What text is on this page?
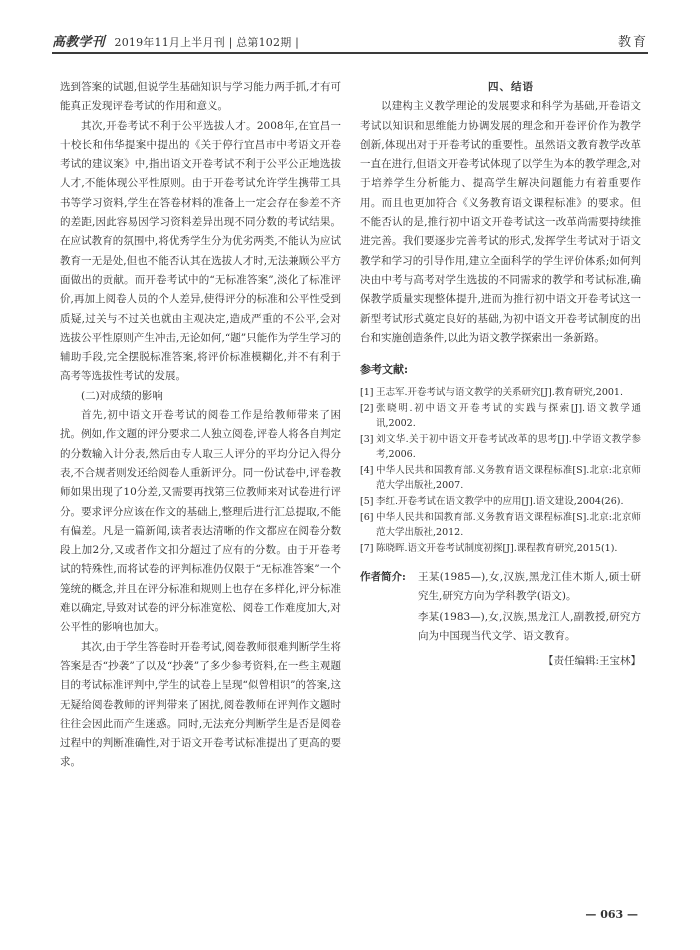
高教学刊 2019年11月上半月刊 | 总第102期 |	教育

选到答案的试题,但说学生基础知识与学习能力两手抓,才有可能真正发现评卷考试的作用和意义。

其次,开卷考试不利于公平选拔人才。2008年,在宜昌一十校长和伟华提案中提出的《关于停行宜昌市中考语文开卷考试的建议案》中,指出语文开卷考试不利于公平公正地选拔人才,不能体现公平性原则。由于开卷考试允许学生携带工具书等学习资料,学生在答卷材料的准备上一定会存在参差不齐的差距,因此容易因学习资料差异出现不同分数的考试结果。在应试教育的氛围中,将优秀学生分为优劣两类,不能认为应试教育一无是处,但也不能否认其在选拔人才时,无法兼顾公平方面做出的贡献。而开卷考试中的“无标准答案”,淡化了标准评价,再加上阅卷人员的个人差异,使得评分的标准和公平性受到质疑,过关与不过关也就由主观决定,造成严重的不公平,会对选拔公平性原则产生冲击,无论如何,“题”只能作为学生学习的辅助手段,完全摆脱标准答案,将评价标准模糊化,并不有利于高考等选拔性考试的发展。

(二)对成绩的影响

首先,初中语文开卷考试的阅卷工作是给教师带来了困扰。例如,作文题的评分要求二人独立阅卷,评卷人将各自判定的分数输入计分表,然后由专人取三人评分的平均分记入得分表,不合规者则发还给阅卷人重新评分。同一份试卷中,评卷教师如果出现了10分差,又需要再找第三位教师来对试卷进行评分。要求评分应该在作文的基础上,整理后进行汇总提取,不能有偏差。凡是一篇新闻,读者表达清晰的作文都应在阅卷分数段上加2分,又或者作文扣分超过了应有的分数。由于开卷考试的特殊性,而将试卷的评判标准仍仅限于“无标准答案”一个笼统的概念,并且在评分标准和规则上也存在多样化,评分标准难以确定,导致对试卷的评分标准宽松、阅卷工作难度加大,对公平性的影响也加大。

其次,由于学生答卷时开卷考试,阅卷教师很难判断学生将答案是否“抄袭”了以及“抄袭”了多少参考资料,在一些主观题目的考试标准评判中,学生的试卷上呈现“似曾相识”的答案,这无疑给阅卷教师的评判带来了困扰,阅卷教师在评判作文题时往往会因此而产生迷惑。同时,无法充分判断学生是否是阅卷过程中的判断准确性,对于语文开卷考试标准提出了更高的要求。

四、结语

以建构主义教学理论的发展要求和科学为基础,开卷语文考试以知识和思维能力协调发展的理念和开卷评价作为教学创新,体现出对于开卷考试的重要性。虽然语文教育教学改革一直在进行,但语文开卷考试体现了以学生为本的教学理念,对于培养学生分析能力、提高学生解决问题能力有着重要作用。而且也更加符合《义务教育语文课程标准》的要求。但不能否认的是,推行初中语文开卷考试这一改革尚需要持续推进完善。我们要逐步完善考试的形式,发挥学生考试对于语文教学和学习的引导作用,建立全面科学的学生评价体系;如何判决由中考与高考对学生选拔的不同需求的教学和考试标准,确保教学质量实现整体提升,进而为推行初中语文开卷考试这一新型考试形式奠定良好的基础,为初中语文开卷考试制度的出台和实施创造条件,以此为语文教学探索出一条新路。

参考文献:
[1] 王志军.开卷考试与语文教学的关系研究[J].教育研究,2001.
[2] 张晓明.初中语文开卷考试的实践与探索[J].语文教学通讯,2002.
[3] 刘文华.关于初中语文开卷考试改革的思考[J].中学语文教学参考,2006.
[4] 中华人民共和国教育部.义务教育语文课程标准[S].北京:北京师范大学出版社,2007.
[5] 李红.开卷考试在语文教学中的应用[J].语文建设,2004(26).
[6] 中华人民共和国教育部.义务教育语文课程标准[S].北京:北京师范大学出版社,2012.
[7] 陈晓晖.语文开卷考试制度初探[J].课程教育研究,2015(1).
作者简介:	王某(1985—),女,汉族,黑龙江佳木斯人,硕士研究生,研究方向为学科教学(语文)。

李某(1983—),女,汉族,黑龙江人,副教授,研究方向为中国现当代文学、语文教育。

【责任编辑:王宝林】
— 063 —
